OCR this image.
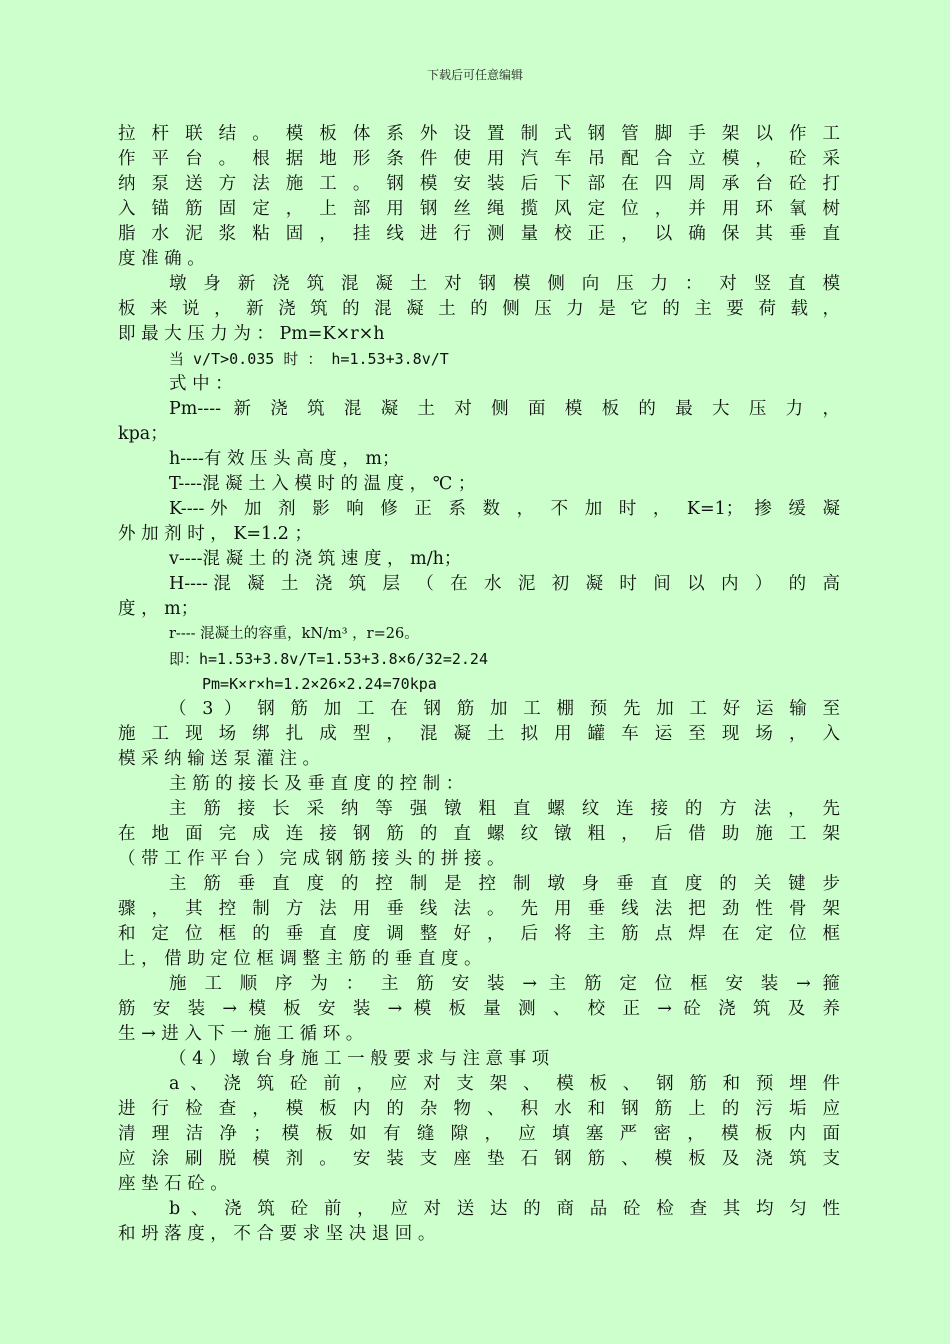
下载后可任意编辑
拉 杆 联 结 。 模 板 体 系 外 设 置 制 式 钢 管 脚 手 架 以 作 工
作 平 台 。 根 据 地 形 条 件 使 用 汽 车 吊 配 合 立 模 ， 砼 采
纳 泵 送 方 法 施 工 。 钢 模 安 装 后 下 部 在 四 周 承 台 砼 打
入 锚 筋 固 定 ， 上 部 用 钢 丝 绳 揽 风 定 位 ， 并 用 环 氧 树
脂 水 泥 浆 粘 固 ， 挂 线 进 行 测 量 校 正 ， 以 确 保 其 垂 直
度 准 确 。
墩 身 新 浇 筑 混 凝 土 对 钢 模 侧 向 压 力 ： 对 竖 直 模
板 来 说 ， 新 浇 筑 的 混 凝 土 的 侧 压 力 是 它 的 主 要 荷 载 ，
即 最 大 压 力 为 ： Pm=K×r×h
当 v/T>0.035 时 ： h=1.53+3.8v/T
式 中 ：
Pm---- 新 浇 筑 混 凝 土 对 侧 面 模 板 的 最 大 压 力 ，
kpa；
h----有 效 压 头 高 度 ， m；
T----混 凝 土 入 模 时 的 温 度 ， ℃ ；
K----外 加 剂 影 响 修 正 系 数 ， 不 加 时 ， K=1； 掺 缓 凝
外 加 剂 时 ， K=1.2 ；
v----混 凝 土 的 浇 筑 速 度 ， m/h；
H----混 凝 土 浇 筑 层 （ 在 水 泥 初 凝 时 间 以 内 ） 的 高
度 ， m；
r---- 混凝土的容重，kN/m³ ，r=26。
即：h=1.53+3.8v/T=1.53+3.8×6/32=2.24
Pm=K×r×h=1.2×26×2.24=70kpa
（ 3 ） 钢 筋 加 工 在 钢 筋 加 工 棚 预 先 加 工 好 运 输 至
施 工 现 场 绑 扎 成 型 ， 混 凝 土 拟 用 罐 车 运 至 现 场 ， 入
模 采 纳 输 送 泵 灌 注 。
主 筋 的 接 长 及 垂 直 度 的 控 制 ：
主 筋 接 长 采 纳 等 强 镦 粗 直 螺 纹 连 接 的 方 法 ， 先
在 地 面 完 成 连 接 钢 筋 的 直 螺 纹 镦 粗 ， 后 借 助 施 工 架
（ 带 工 作 平 台 ） 完 成 钢 筋 接 头 的 拼 接 。
主 筋 垂 直 度 的 控 制 是 控 制 墩 身 垂 直 度 的 关 键 步
骤 ， 其 控 制 方 法 用 垂 线 法 。 先 用 垂 线 法 把 劲 性 骨 架
和 定 位 框 的 垂 直 度 调 整 好 ， 后 将 主 筋 点 焊 在 定 位 框
上 ， 借 助 定 位 框 调 整 主 筋 的 垂 直 度 。
施 工 顺 序 为 ： 主 筋 安 装 → 主 筋 定 位 框 安 装 → 箍
筋 安 装 → 模 板 安 装 → 模 板 量 测 、 校 正 → 砼 浇 筑 及 养
生 → 进 入 下 一 施 工 循 环 。
（ 4 ） 墩 台 身 施 工 一 般 要 求 与 注 意 事 项
a 、 浇 筑 砼 前 ， 应 对 支 架 、 模 板 、 钢 筋 和 预 埋 件
进 行 检 查 ， 模 板 内 的 杂 物 、 积 水 和 钢 筋 上 的 污 垢 应
清 理 洁 净 ； 模 板 如 有 缝 隙 ， 应 填 塞 严 密 ， 模 板 内 面
应 涂 刷 脱 模 剂 。 安 装 支 座 垫 石 钢 筋 、 模 板 及 浇 筑 支
座 垫 石 砼 。
b 、 浇 筑 砼 前 ， 应 对 送 达 的 商 品 砼 检 查 其 均 匀 性
和 坍 落 度 ， 不 合 要 求 坚 决 退 回 。
